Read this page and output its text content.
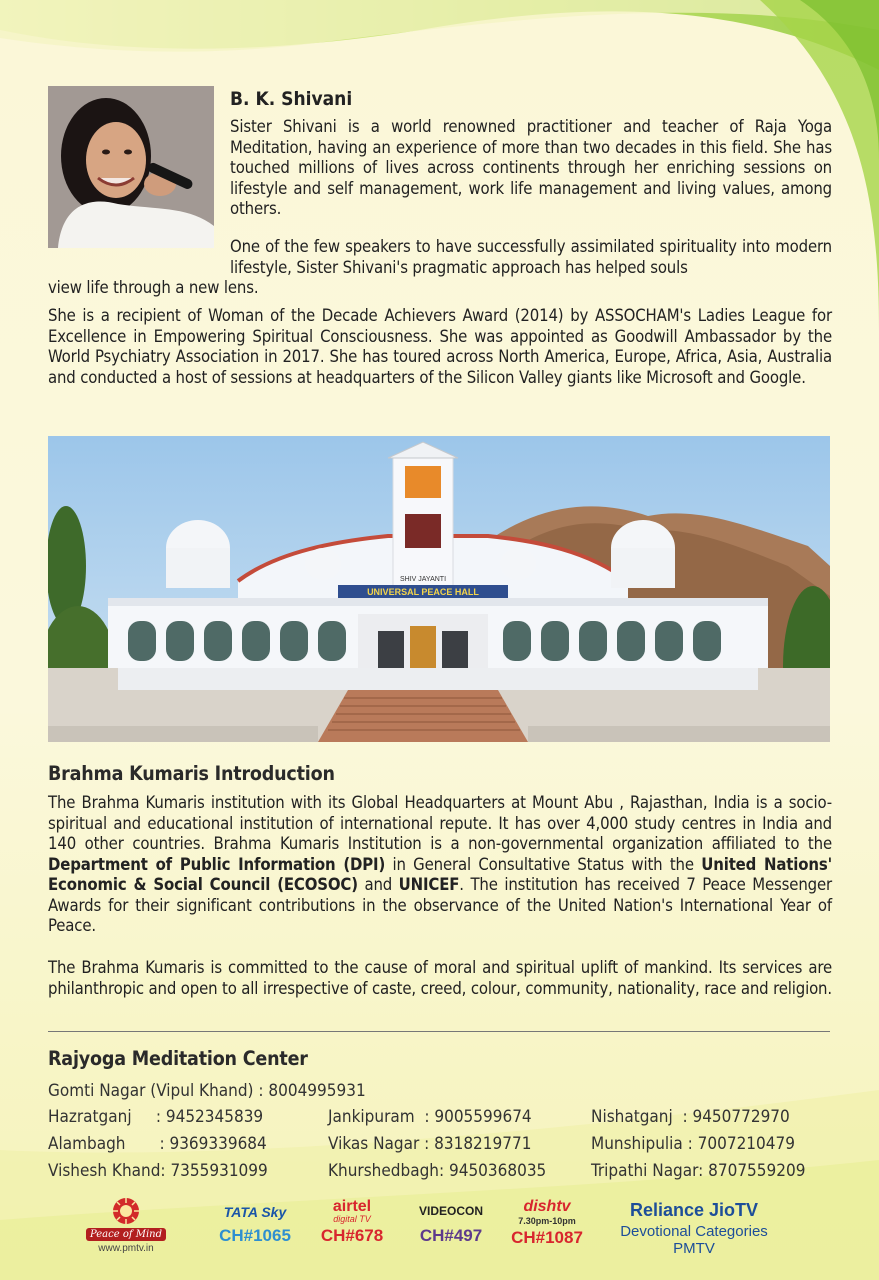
B. K. Shivani

Sister Shivani is a world renowned practitioner and teacher of Raja Yoga Meditation, having an experience of more than two decades in this field. She has touched millions of lives across continents through her enriching sessions on lifestyle and self management, work life management and living values, among others.

One of the few speakers to have successfully assimilated spirituality into modern lifestyle, Sister Shivani's pragmatic approach has helped souls

view life through a new lens.

She is a recipient of Woman of the Decade Achievers Award (2014) by ASSOCHAM's Ladies League for Excellence in Empowering Spiritual Consciousness. She was appointed as Goodwill Ambassador by the World Psychiatry Association in 2017. She has toured across North America, Europe, Africa, Asia, Australia and conducted a host of sessions at headquarters of the Silicon Valley giants like Microsoft and Google.

UNIVERSAL PEACE HALL
SHIV JAYANTI
Brahma Kumaris Introduction

The Brahma Kumaris institution with its Global Headquarters at Mount Abu , Rajasthan, India is a socio-spiritual and educational institution of international repute. It has over 4,000 study centres in India and 140 other countries. Brahma Kumaris Institution is a non-governmental organization affiliated to the Department of Public Information (DPI) in General Consultative Status with the United Nations' Economic & Social Council (ECOSOC) and UNICEF. The institution has received 7 Peace Messenger Awards for their significant contributions in the observance of the United Nation's International Year of Peace.

The Brahma Kumaris is committed to the cause of moral and spiritual uplift of mankind. Its services are philanthropic and open to all irrespective of caste, creed, colour, community, nationality, race and religion.

Rajyoga Meditation Center
Gomti Nagar (Vipul Khand) : 8004995931
Hazratganj     : 9452345839
Alambagh       : 9369339684
Vishesh Khand: 7355931099
Jankipuram  : 9005599674
Vikas Nagar : 8318219771
Khurshedbagh: 9450368035
Nishatganj  : 9450772970
Munshipulia : 7007210479
Tripathi Nagar: 8707559209
Peace of Mind
www.pmtv.in
TATA Sky
CH#1065
airtel
digital TV
CH#678
VIDEOCON
CH#497
dishtv
7.30pm-10pm
CH#1087
Reliance JioTV
Devotional Categories
PMTV
